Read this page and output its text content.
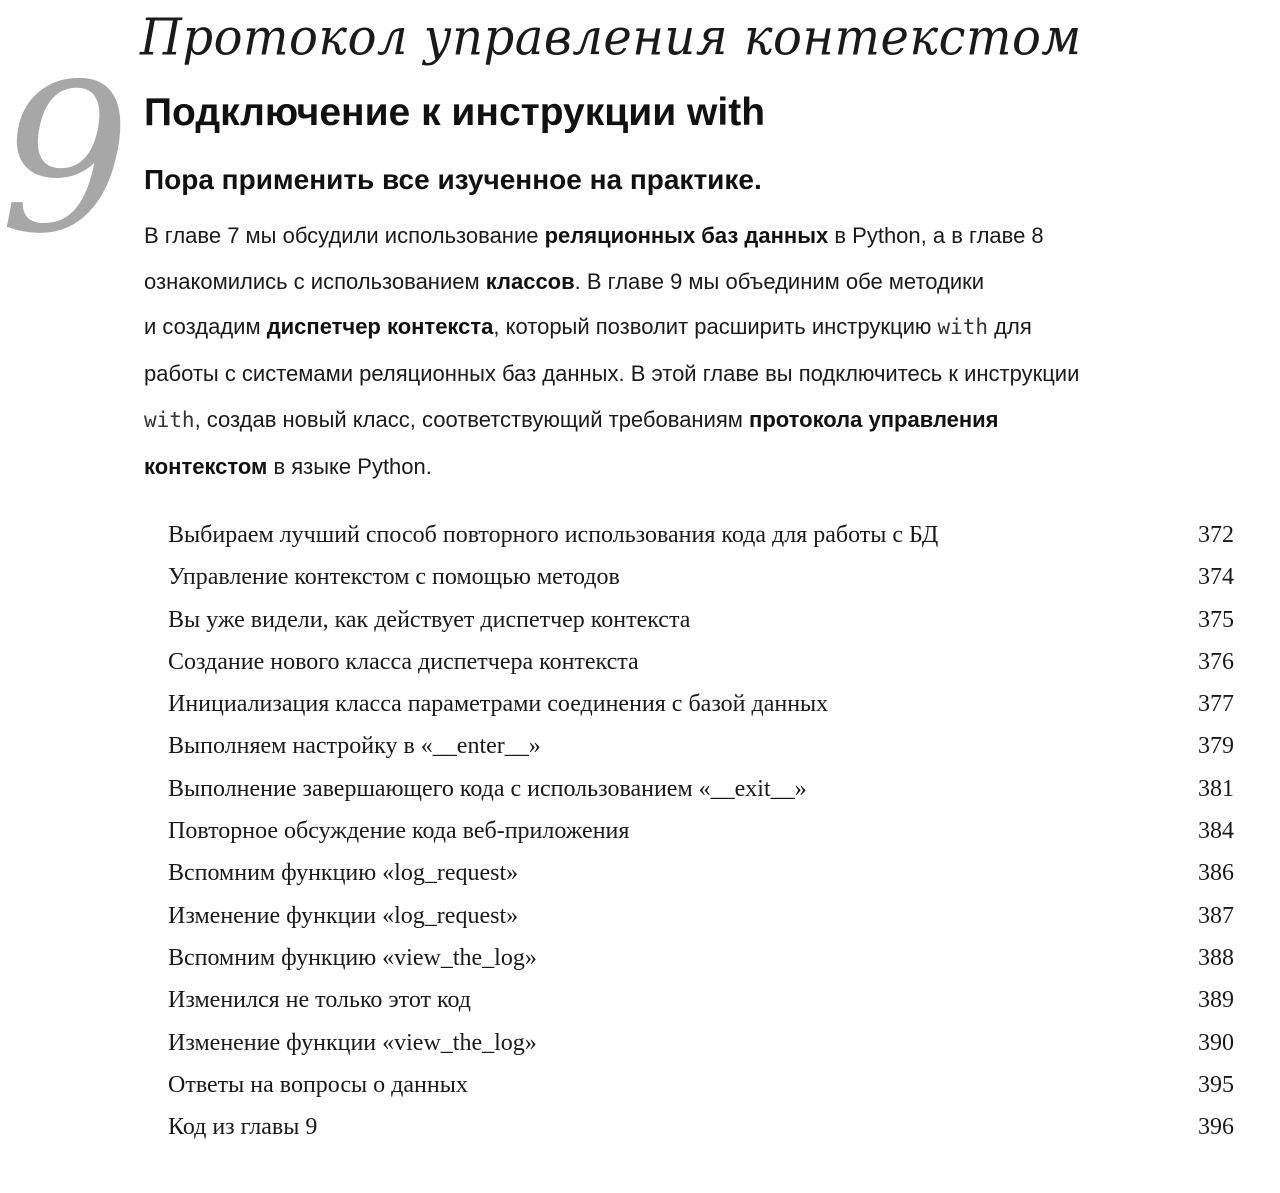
9
Протокол управления контекстом
Подключение к инструкции with
Пора применить все изученное на практике.

В главе 7 мы обсудили использование реляционных баз данных в Python, а в главе 8
ознакомились с использованием классов. В главе 9 мы объединим обе методики
и создадим диспетчер контекста, который позволит расширить инструкцию with для
работы с системами реляционных баз данных. В этой главе вы подключитесь к инструкции
with, создав новый класс, соответствующий требованиям протокола управления
контекстом в языке Python.

Выбираем лучший способ повторного использования кода для работы с БД	372
Управление контекстом с помощью методов	374
Вы уже видели, как действует диспетчер контекста	375
Создание нового класса диспетчера контекста	376
Инициализация класса параметрами соединения с базой данных	377
Выполняем настройку в «__enter__»	379
Выполнение завершающего кода с использованием «__exit__»	381
Повторное обсуждение кода веб-приложения	384
Вспомним функцию «log_request»	386
Изменение функции «log_request»	387
Вспомним функцию «view_the_log»	388
Изменился не только этот код	389
Изменение функции «view_the_log»	390
Ответы на вопросы о данных	395
Код из главы 9	396
